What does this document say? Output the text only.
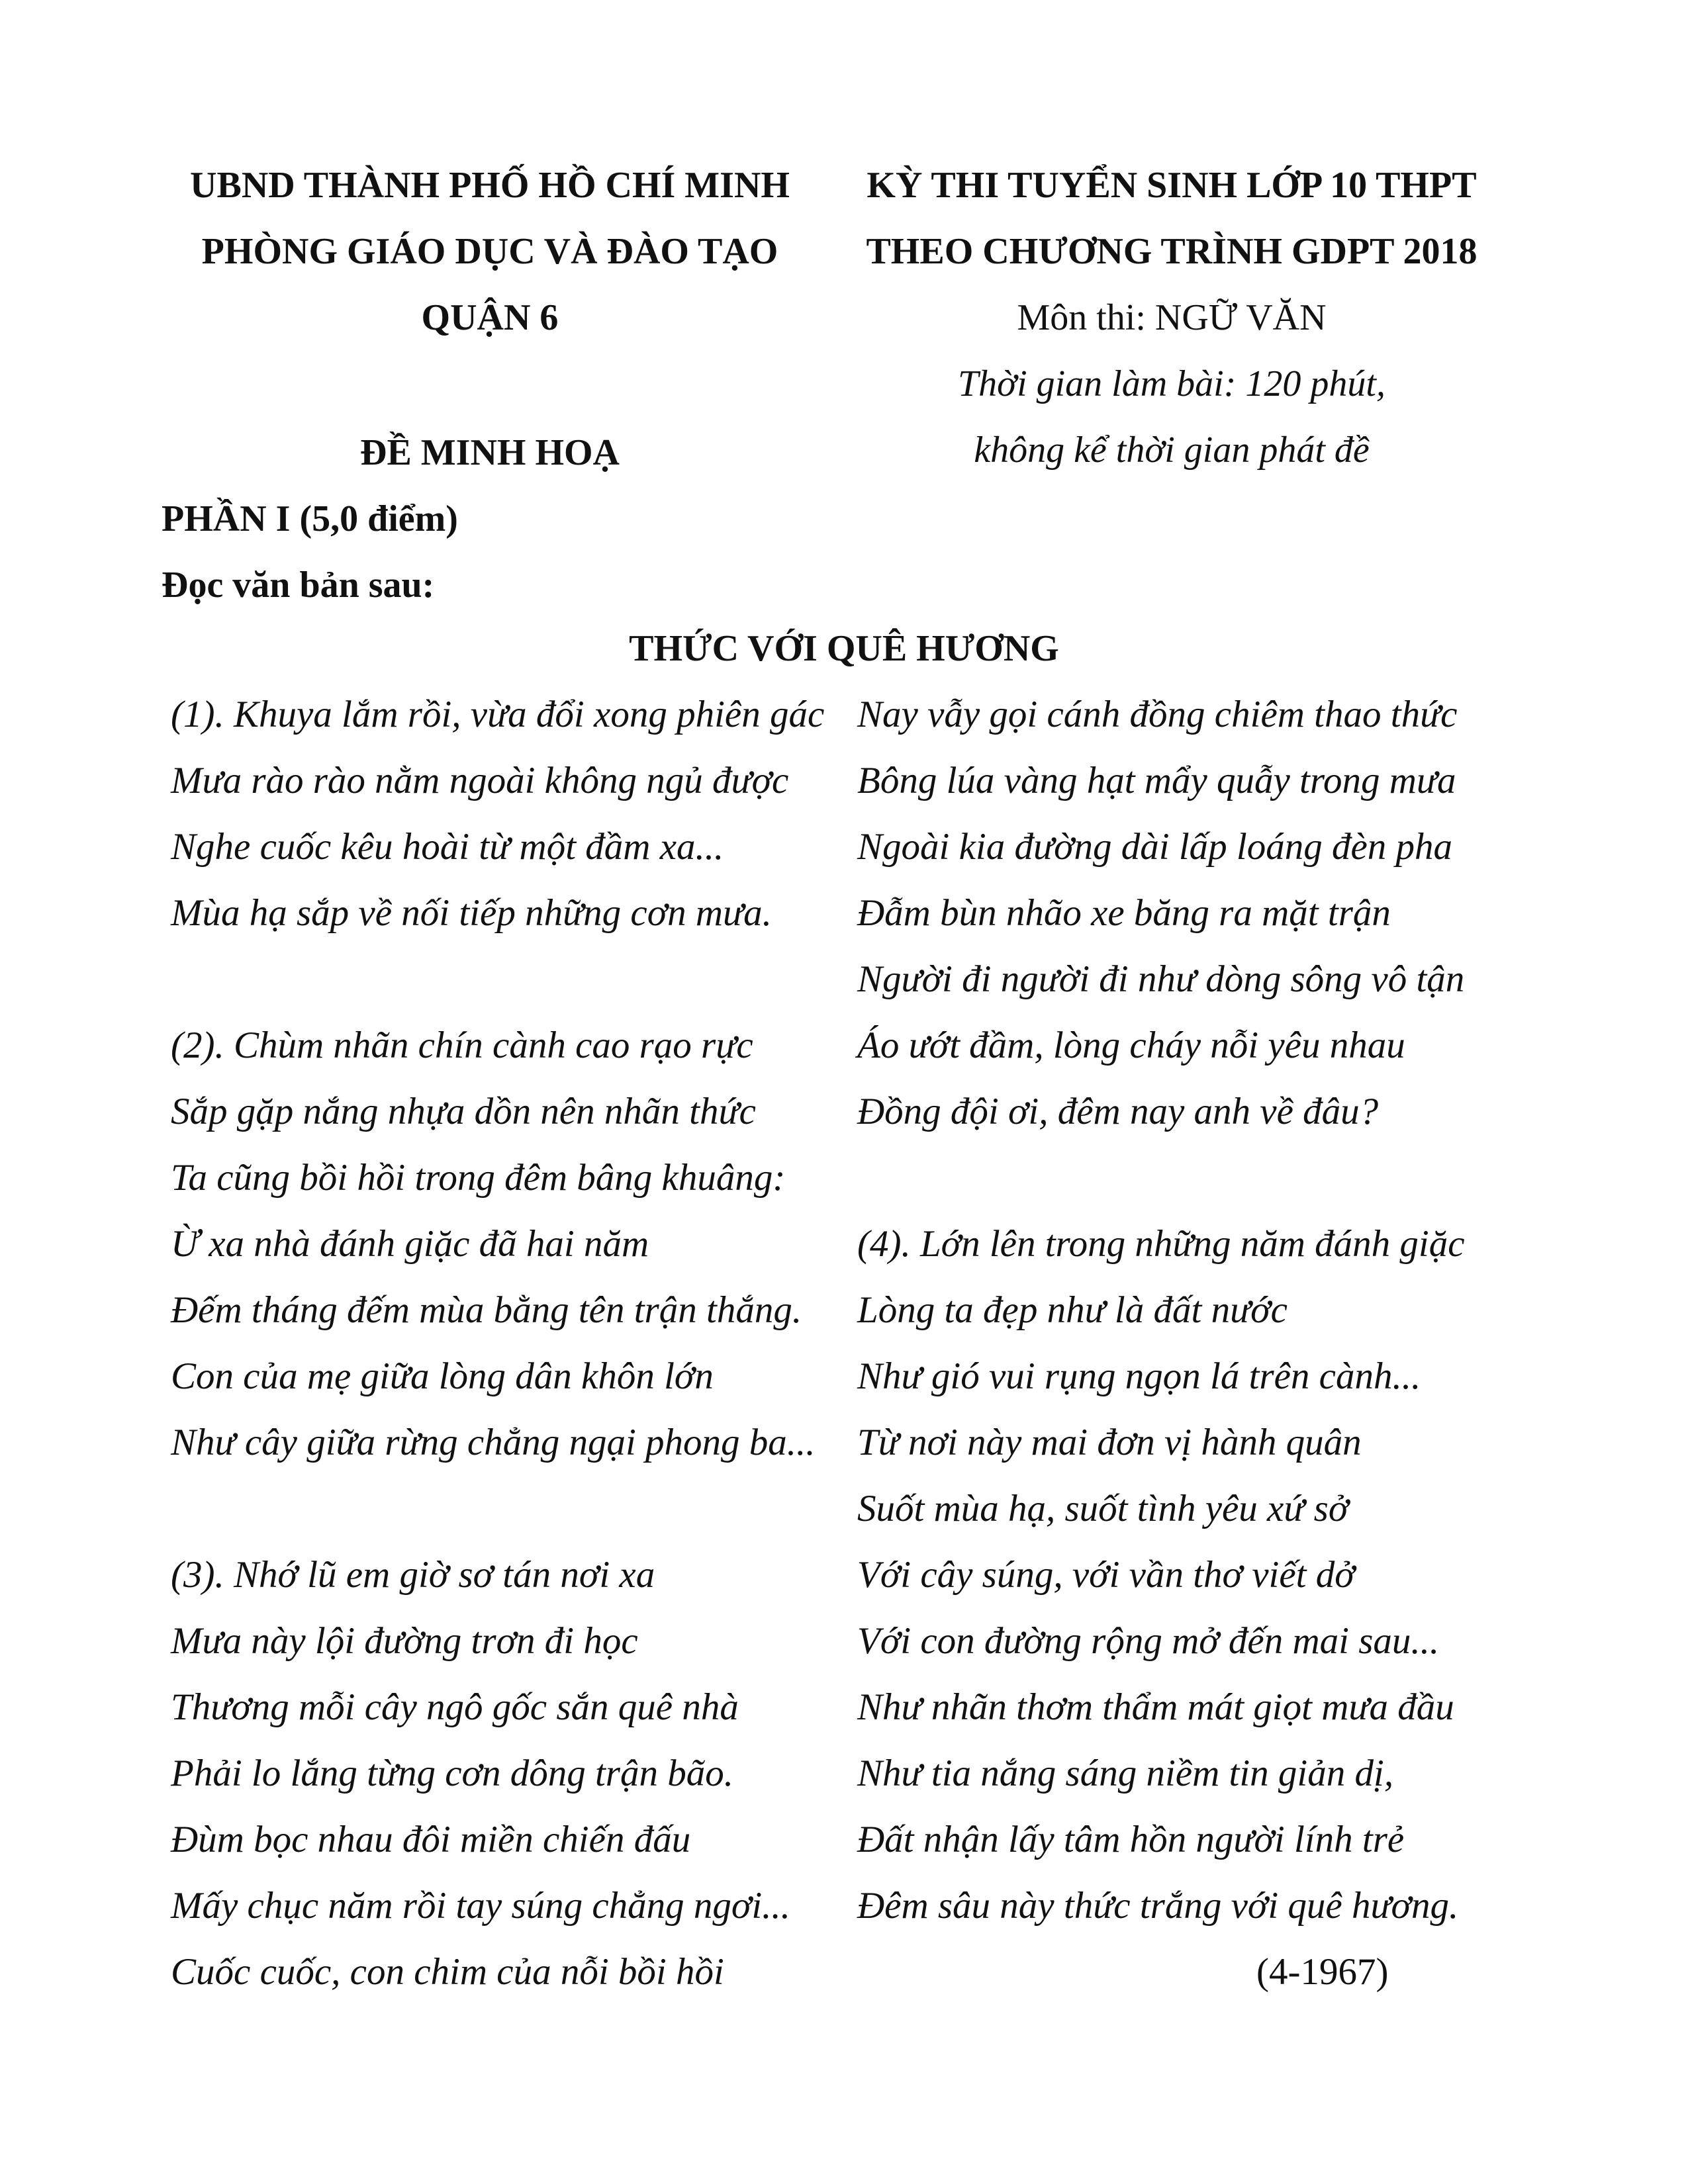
UBND THÀNH PHỐ HỒ CHÍ MINH
PHÒNG GIÁO DỤC VÀ ĐÀO TẠO
QUẬN 6
KỲ THI TUYỂN SINH LỚP 10 THPT
THEO CHƯƠNG TRÌNH GDPT 2018
Môn thi: NGỮ VĂN
Thời gian làm bài: 120 phút,
không kể thời gian phát đề
ĐỀ MINH HOẠ
PHẦN I (5,0 điểm)
Đọc văn bản sau:
THỨC VỚI QUÊ HƯƠNG
(1). Khuya lắm rồi, vừa đổi xong phiên gác
Mưa rào rào nằm ngoài không ngủ được
Nghe cuốc kêu hoài từ một đầm xa...
Mùa hạ sắp về nối tiếp những cơn mưa.
(2). Chùm nhãn chín cành cao rạo rực
Sắp gặp nắng nhựa dồn nên nhãn thức
Ta cũng bồi hồi trong đêm bâng khuâng:
Ừ xa nhà đánh giặc đã hai năm
Đếm tháng đếm mùa bằng tên trận thắng.
Con của mẹ giữa lòng dân khôn lớn
Như cây giữa rừng chẳng ngại phong ba...
(3). Nhớ lũ em giờ sơ tán nơi xa
Mưa này lội đường trơn đi học
Thương mỗi cây ngô gốc sắn quê nhà
Phải lo lắng từng cơn dông trận bão.
Đùm bọc nhau đôi miền chiến đấu
Mấy chục năm rồi tay súng chẳng ngơi...
Cuốc cuốc, con chim của nỗi bồi hồi
Nay vẫy gọi cánh đồng chiêm thao thức
Bông lúa vàng hạt mẩy quẫy trong mưa
Ngoài kia đường dài lấp loáng đèn pha
Đẫm bùn nhão xe băng ra mặt trận
Người đi người đi như dòng sông vô tận
Áo ướt đầm, lòng cháy nỗi yêu nhau
Đồng đội ơi, đêm nay anh về đâu?
(4). Lớn lên trong những năm đánh giặc
Lòng ta đẹp như là đất nước
Như gió vui rụng ngọn lá trên cành...
Từ nơi này mai đơn vị hành quân
Suốt mùa hạ, suốt tình yêu xứ sở
Với cây súng, với vần thơ viết dở
Với con đường rộng mở đến mai sau...
Như nhãn thơm thẩm mát giọt mưa đầu
Như tia nắng sáng niềm tin giản dị,
Đất nhận lấy tâm hồn người lính trẻ
Đêm sâu này thức trắng với quê hương.
(4-1967)
